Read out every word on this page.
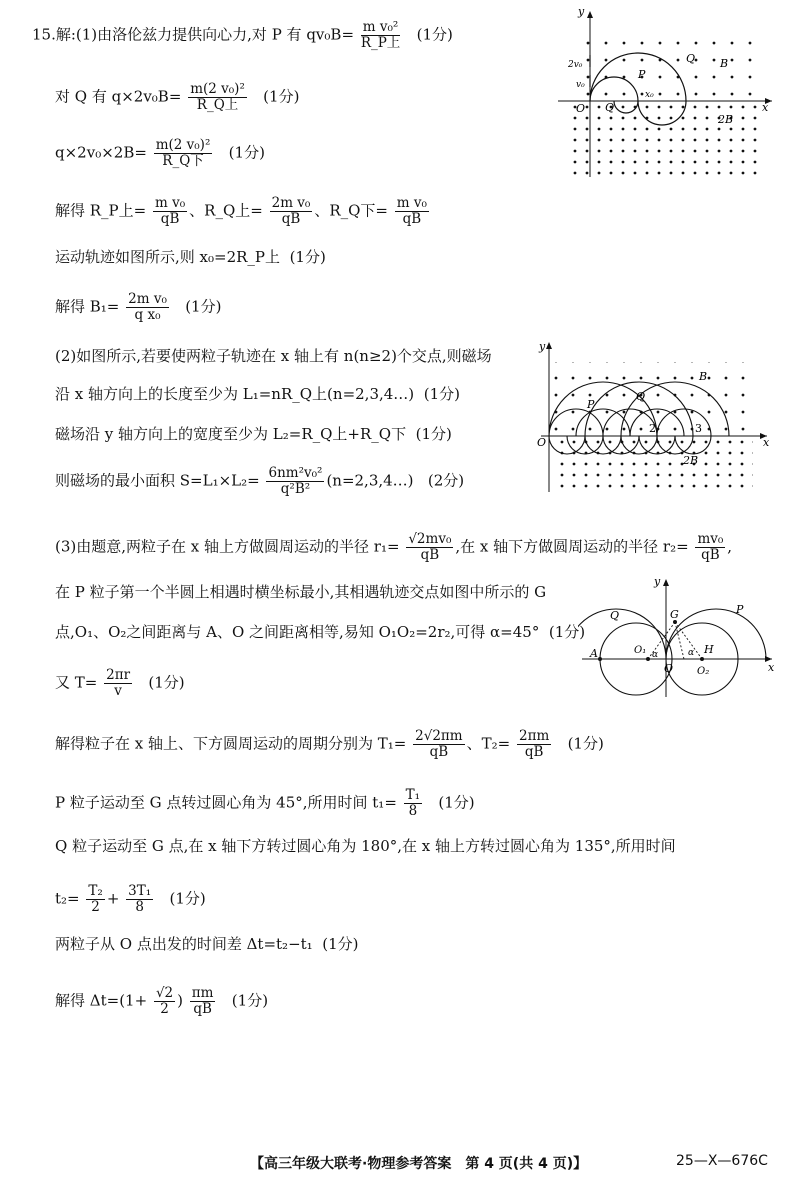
15.解:(1)由洛伦兹力提供向心力,对 P 有 qv₀B= m v₀²
R_P上 (1分)
对 Q 有 q×2v₀B= m(2 v₀)²
R_Q上	(1分)
q×2v₀×2B= m(2 v₀)²
R_Q下	(1分)
解得 R_P上= $\frac{\text{m v₀}}{qB}$ 、R_Q上= $\frac{\text{2m v₀}}{qB}$ 、R_Q下= $\frac{\text{m v₀}}{qB}$
运动轨迹如图所示,则 x₀=2R_P上 (1分)
解得 $B_1= \frac{\text{2m v₀}}{\text{q x₀}} (1$分)
y
x
O
v₀
2v₀
P
Q
Q
x₀
B
2B
(2)如图所示,若要使两粒子轨迹在 x 轴上有 n(n≥2)个交点,则磁场
沿 x 轴方向上的长度至少为 L₁=nR_Q上(n=2,3,4…) (1分)
磁场沿 y 轴方向上的宽度至少为 L₂=R_Q上+R_Q下 (1分)
则磁场的最小面积 $S=L_1\times L_2= \frac{\text{6nm²v₀²}}{\text{q²B²}}$ (n=2,3,4…) (2分)
y
x
O
P
Q
B
2B
2	3
(3)由题意,两粒子在 x 轴上方做圆周运动的半径 $r_1= \frac{\text{√2mv₀}}{qB}$ ,在 x 轴下方做圆周运动的半径 $r_2= \frac{\text{mv₀}}{qB}$ ,
在 P 粒子第一个半圆上相遇时横坐标最小,其相遇轨迹交点如图中所示的 G
点,O₁、O₂之间距离与 A、O 之间距离相等,易知 O₁O₂=2r₂,可得 α=45° (1分)
又 $T= \frac{2\pi r}{v} (1$分)
解得粒子在 x 轴上、下方圆周运动的周期分别为 $T_1= \frac{2√2\pi m}{qB}$ 、$T_2= \frac{2\pi m}{qB} (1$分)
P 粒子运动至 G 点转过圆心角为 45°,所用时间 $t_1= \frac{\text{T₁}}{8} (1$分)
Q 粒子运动至 G 点,在 x 轴下方转过圆心角为 180°,在 x 轴上方转过圆心角为 135°,所用时间
$t_2= \frac{\text{T₂}}{2} + \frac{\text{3T₁}}{8} (1$分)
两粒子从 O 点出发的时间差 Δt=t₂−t₁ (1分)
解得 $\Delta t=(1+ \frac{√2}{2}$ ) $\frac{\pi m}{qB} (1$分)
y
x
O
A	O₁
O₂
G
H
P
Q
α	α
【高三年级大联考·物理参考答案　第 4 页(共 4 页)】	25—X—676C
